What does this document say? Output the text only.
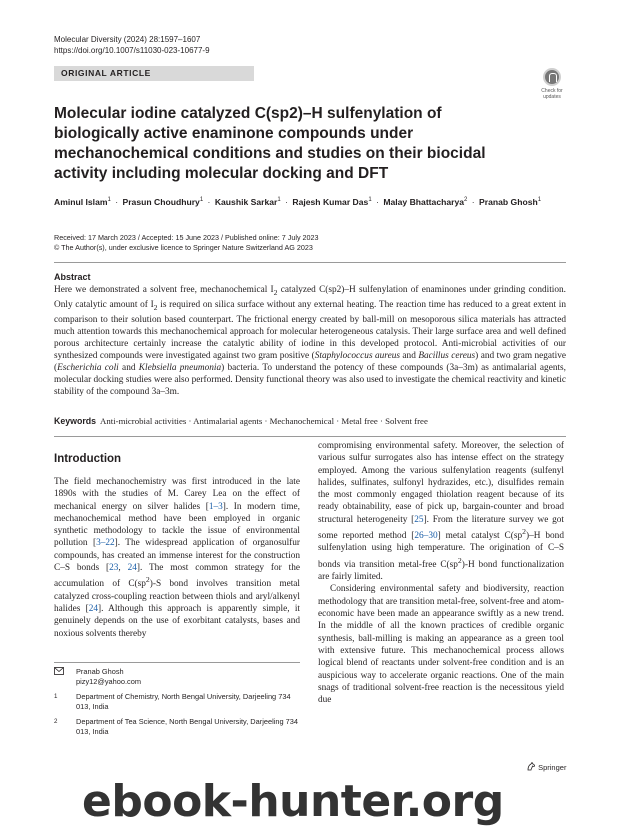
Molecular Diversity (2024) 28:1597–1607
https://doi.org/10.1007/s11030-023-10677-9
ORIGINAL ARTICLE
Check for
updates
Molecular iodine catalyzed C(sp2)–H sulfenylation of biologically active enaminone compounds under mechanochemical conditions and studies on their biocidal activity including molecular docking and DFT
Aminul Islam$^1$ · Prasun Choudhury$^1$ · Kaushik Sarkar$^1$ · Rajesh Kumar Das$^1$ · Malay Bhattacharya$^2$ · Pranab Ghosh$^1$
Received: 17 March 2023 / Accepted: 15 June 2023 / Published online: 7 July 2023
© The Author(s), under exclusive licence to Springer Nature Switzerland AG 2023
Abstract
Here we demonstrated a solvent free, mechanochemical $I_2$ catalyzed C(sp2)–H sulfenylation of enaminones under grinding condition. Only catalytic amount of $I_2$ is required on silica surface without any external heating. The reaction time has reduced to a great extent in comparison to their solution based counterpart. The frictional energy created by ball-mill on mesoporous silica materials has attracted much attention towards this mechanochemical approach for molecular heterogeneous catalysis. Their large surface area and well defined porous architecture certainly increase the catalytic ability of iodine in this developed protocol. Anti-microbial activities of our synthesized compounds were investigated against two gram positive (Staphylococcus aureus and Bacillus cereus) and two gram negative (Escherichia coli and Klebsiella pneumonia) bacteria. To understand the potency of these compounds (3a–3m) as antimalarial agents, molecular docking studies were also performed. Density functional theory was also used to investigate the chemical reactivity and kinetic stability of the compound 3a–3m.
Keywords Anti-microbial activities · Antimalarial agents · Mechanochemical · Metal free · Solvent free
Introduction

The field mechanochemistry was first introduced in the late 1890s with the studies of M. Carey Lea on the effect of mechanical energy on silver halides [1–3]. In modern time, mechanochemical method have been employed in organic synthetic methodology to tackle the issue of environmental pollution [3–22]. The widespread application of organosulfur compounds, has created an immense interest for the construction C–S bonds [23, 24]. The most common strategy for the accumulation of $C(sp^2)-S$ bond involves transition metal catalyzed cross-coupling reaction between thiols and aryl/alkenyl halides [24]. Although this approach is apparently simple, it genuinely depends on the use of exorbitant catalysts, bases and noxious solvents thereby

compromising environmental safety. Moreover, the selection of various sulfur surrogates also has intense effect on the strategy employed. Among the various sulfenylation reagents (sulfenyl halides, sulfinates, sulfonyl hydrazides, etc.), disulfides remain the most commonly engaged thiolation reagent because of its ready obtainability, ease of pick up, bargain-counter and broad structural heterogeneity [25]. From the literature survey we got some reported method [26–30] metal catalyst $C(sp^2)-H$ bond sulfenylation using high temperature. The origination of C–S bonds via transition metal-free $C(sp^2)-H$ bond functionalization are fairly limited.

Considering environmental safety and biodiversity, reaction methodology that are transition metal-free, solvent-free and atom-economic have been made an appearance swiftly as a new trend. In the middle of all the known practices of credible organic synthesis, ball-milling is making an appearance as a green tool with extensive future. This mechanochemical process allows logical blend of reactants under solvent-free condition and is an auspicious way to accelerate organic reactions. One of the main snags of traditional solvent-free reaction is the necessitous yield due

Pranab Ghosh
pizy12@yahoo.com
1	Department of Chemistry, North Bengal University, Darjeeling 734 013, India
2	Department of Tea Science, North Bengal University, Darjeeling 734 013, India
Springer
ebook-hunter.org
